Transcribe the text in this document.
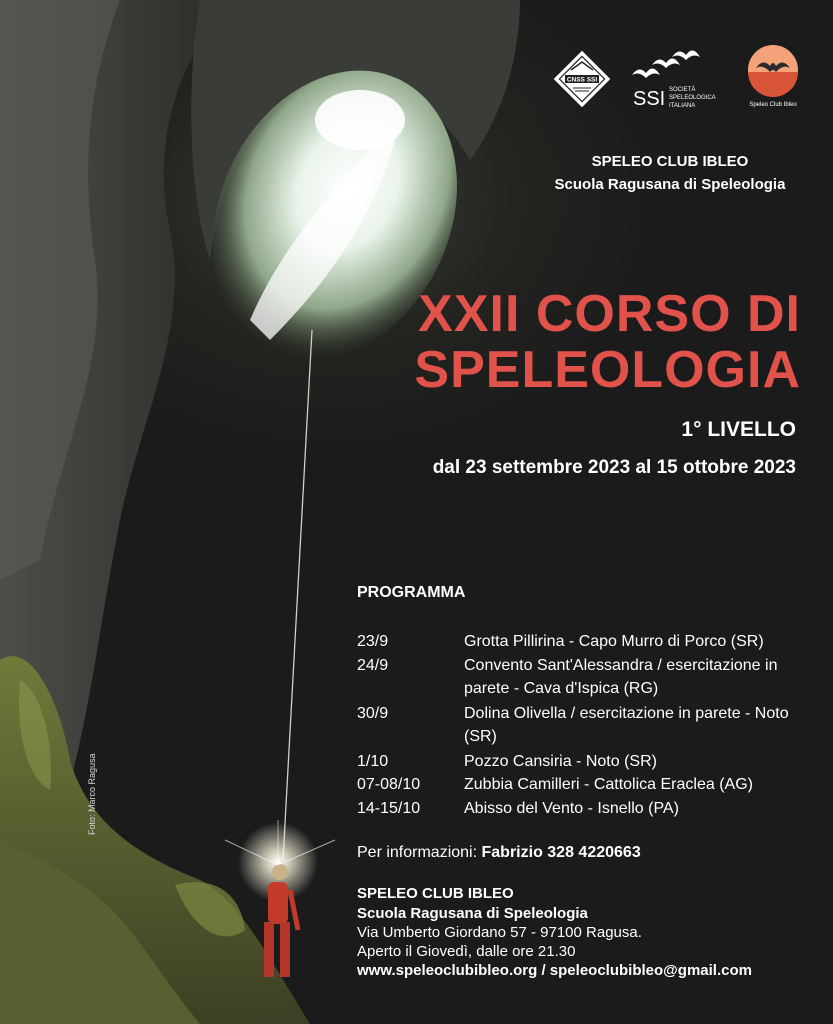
CNSS SSI
SSI SOCIETÀ
SPELEOLOGICA
ITALIANA	Speleo Club Ibleo
SPELEO CLUB IBLEO
Scuola Ragusana di Speleologia
XXII CORSO DI
SPELEOLOGIA
1° LIVELLO
dal 23 settembre 2023 al 15 ottobre 2023
PROGRAMMA
23/9	Grotta Pillirina - Capo Murro di Porco (SR)
24/9	Convento Sant'Alessandra / esercitazione in parete - Cava d'Ispica (RG)
30/9	Dolina Olivella / esercitazione in parete - Noto (SR)
1/10	Pozzo Cansiria - Noto (SR)
07-08/10	Zubbia Camilleri - Cattolica Eraclea (AG)
14-15/10	Abisso del Vento - Isnello (PA)
Per informazioni: Fabrizio 328 4220663
SPELEO CLUB IBLEO
Scuola Ragusana di Speleologia
Via Umberto Giordano 57 - 97100 Ragusa.
Aperto il Giovedì, dalle ore 21.30
www.speleoclubibleo.org / speleoclubibleo@gmail.com
Foto: Marco Ragusa
